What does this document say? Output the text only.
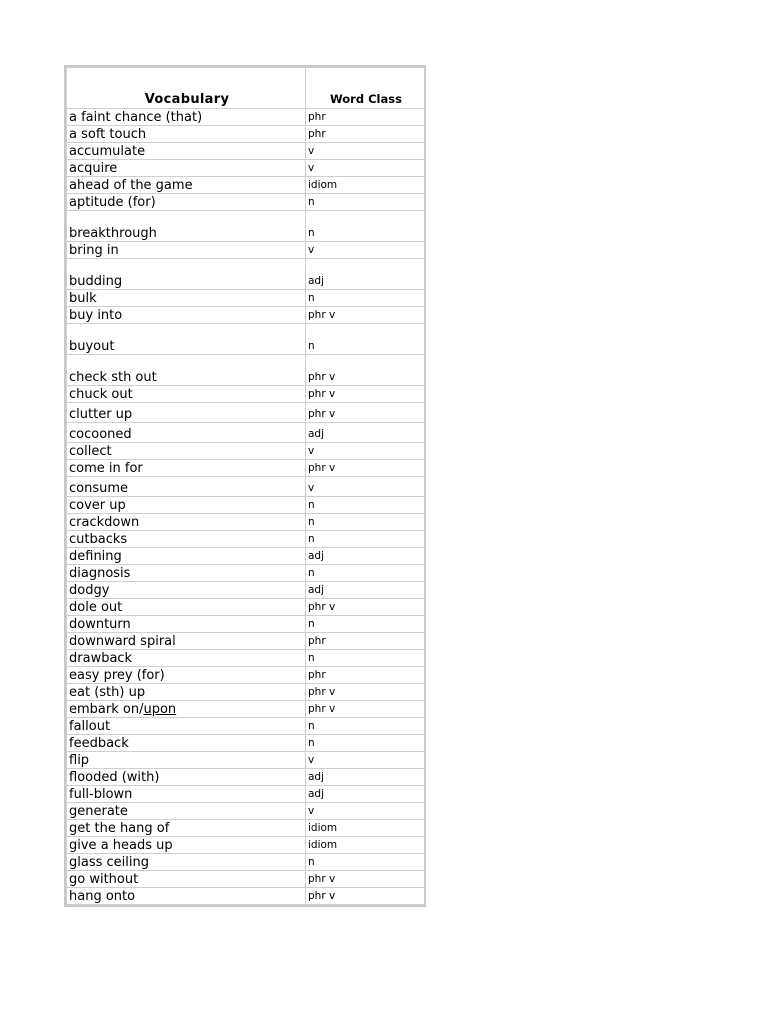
Vocabulary	Word Class
a faint chance (that)	phr
a soft touch	phr
accumulate	v
acquire	v
ahead of the game	idiom
aptitude (for)	n
breakthrough	n
bring in	v
budding	adj
bulk	n
buy into	phr v
buyout	n
check sth out	phr v
chuck out	phr v
clutter up	phr v
cocooned	adj
collect	v
come in for	phr v
consume	v
cover up	n
crackdown	n
cutbacks	n
defining	adj
diagnosis	n
dodgy	adj
dole out	phr v
downturn	n
downward spiral	phr
drawback	n
easy prey (for)	phr
eat (sth) up	phr v
embark on/upon	phr v
fallout	n
feedback	n
flip	v
flooded (with)	adj
full-blown	adj
generate	v
get the hang of	idiom
give a heads up	idiom
glass ceiling	n
go without	phr v
hang onto	phr v
